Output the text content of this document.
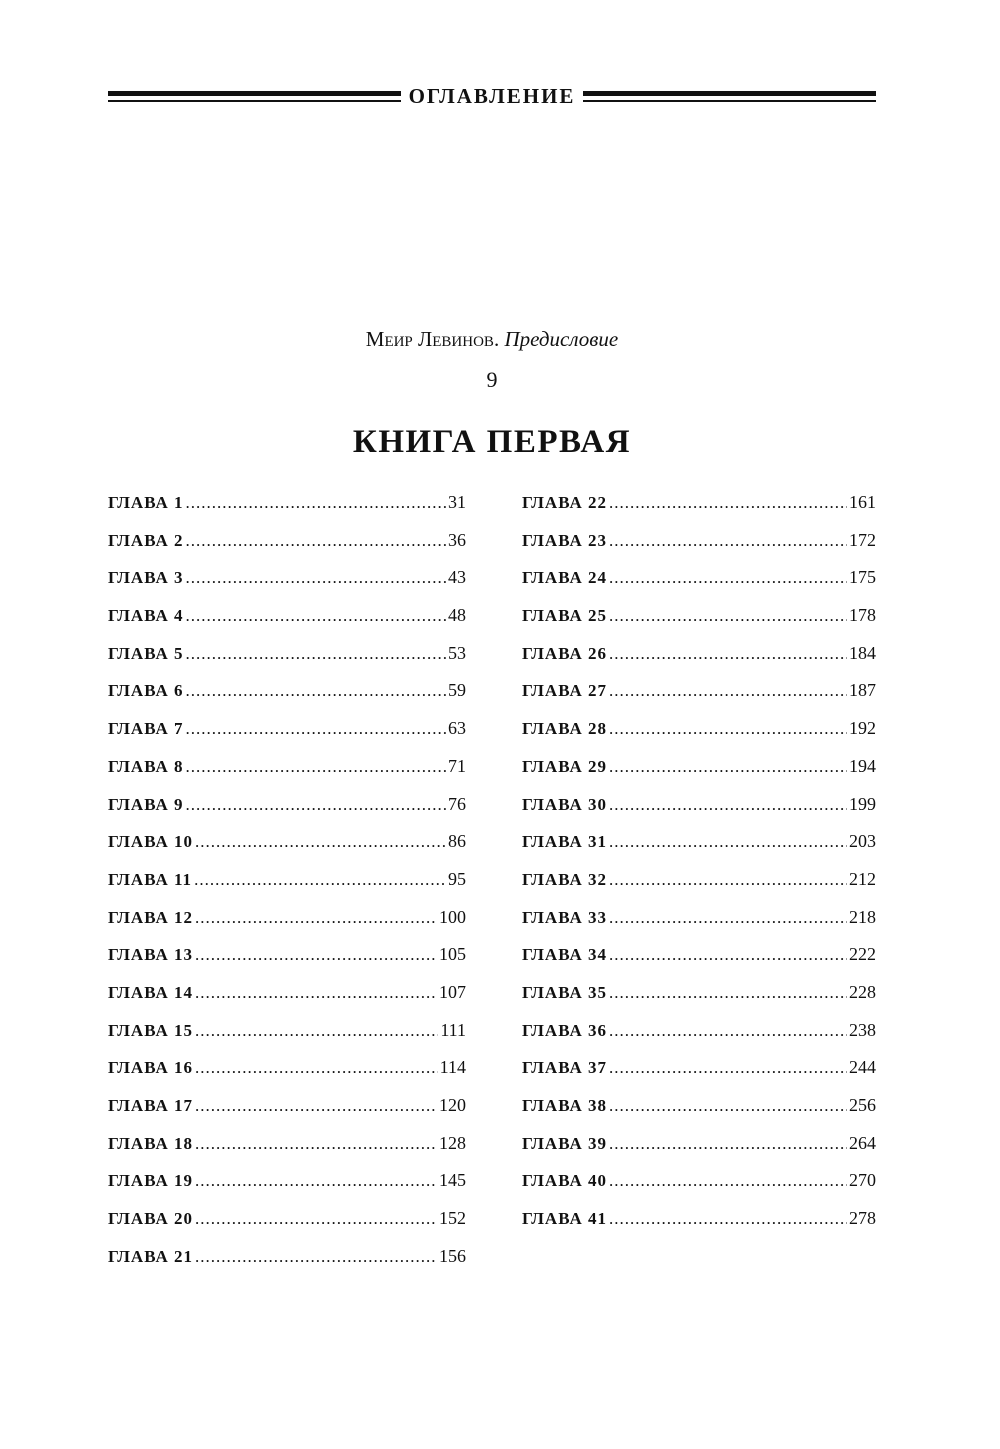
ОГЛАВЛЕНИЕ
Меир Левинов. Предисловие
9
КНИГА ПЕРВАЯ
ГЛАВА 1 .....	31
ГЛАВА 2 .....	36
ГЛАВА 3 .....	43
ГЛАВА 4 .....	48
ГЛАВА 5 .....	53
ГЛАВА 6 .....	59
ГЛАВА 7 .....	63
ГЛАВА 8 .....	71
ГЛАВА 9 .....	76
ГЛАВА 10 .....	86
ГЛАВА 11 .....	95
ГЛАВА 12 .....	100
ГЛАВА 13 .....	105
ГЛАВА 14 .....	107
ГЛАВА 15 .....	111
ГЛАВА 16 .....	114
ГЛАВА 17 .....	120
ГЛАВА 18 .....	128
ГЛАВА 19 .....	145
ГЛАВА 20 .....	152
ГЛАВА 21 .....	156
ГЛАВА 22 .....	161
ГЛАВА 23 .....	172
ГЛАВА 24 .....	175
ГЛАВА 25 .....	178
ГЛАВА 26 .....	184
ГЛАВА 27 .....	187
ГЛАВА 28 .....	192
ГЛАВА 29 .....	194
ГЛАВА 30 .....	199
ГЛАВА 31 .....	203
ГЛАВА 32 .....	212
ГЛАВА 33 .....	218
ГЛАВА 34 .....	222
ГЛАВА 35 .....	228
ГЛАВА 36 .....	238
ГЛАВА 37 .....	244
ГЛАВА 38 .....	256
ГЛАВА 39 .....	264
ГЛАВА 40 .....	270
ГЛАВА 41 .....	278
